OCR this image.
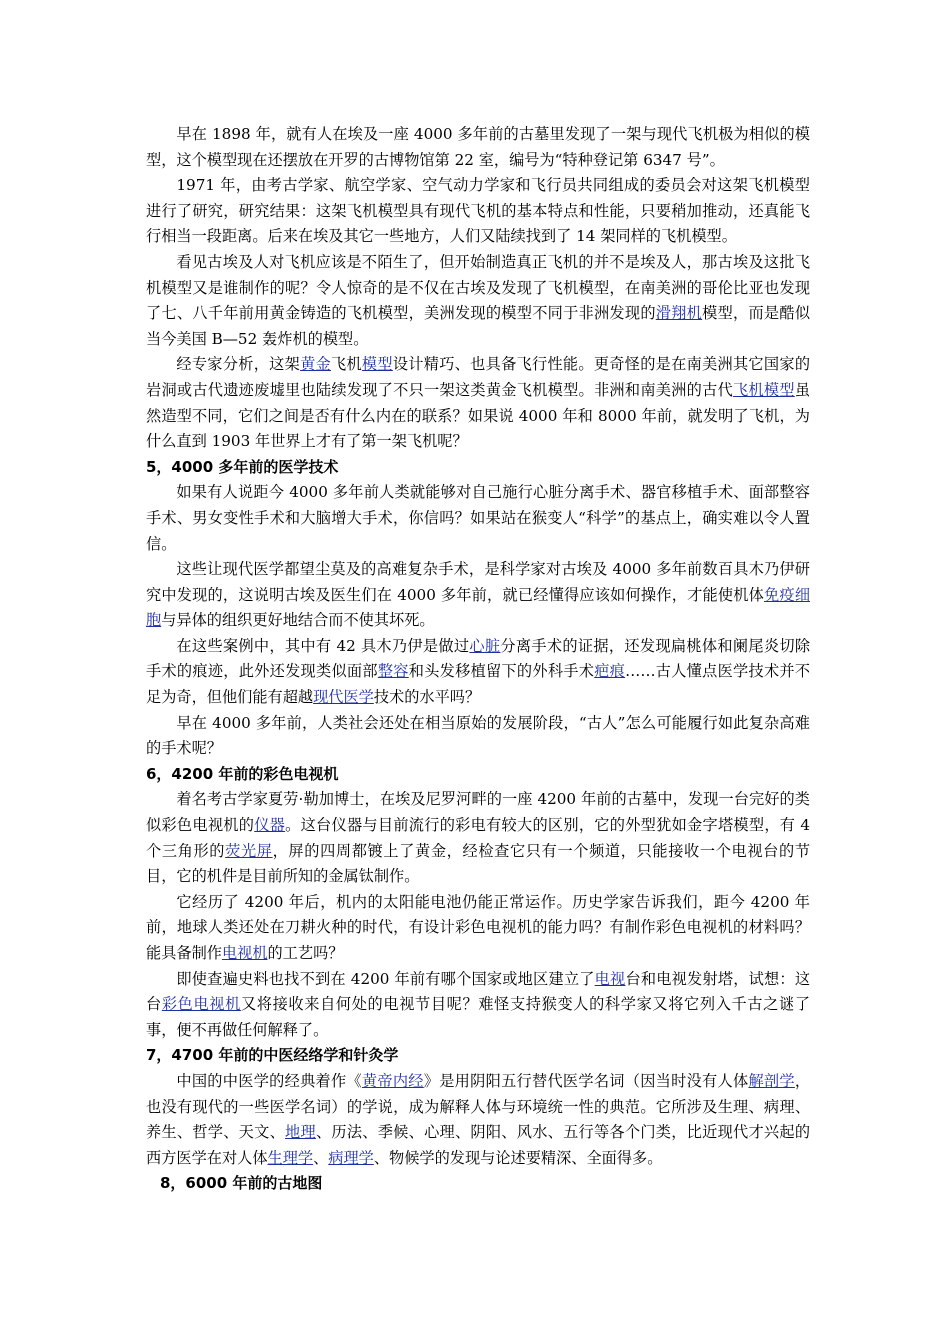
早在 1898 年，就有人在埃及一座 4000 多年前的古墓里发现了一架与现代飞机极为相似的模型，这个模型现在还摆放在开罗的古博物馆第 22 室，编号为“特种登记第 6347 号”。

1971 年，由考古学家、航空学家、空气动力学家和飞行员共同组成的委员会对这架飞机模型进行了研究，研究结果：这架飞机模型具有现代飞机的基本特点和性能，只要稍加推动，还真能飞行相当一段距离。后来在埃及其它一些地方，人们又陆续找到了 14 架同样的飞机模型。

看见古埃及人对飞机应该是不陌生了，但开始制造真正飞机的并不是埃及人，那古埃及这批飞机模型又是谁制作的呢？令人惊奇的是不仅在古埃及发现了飞机模型，在南美洲的哥伦比亚也发现了七、八千年前用黄金铸造的飞机模型，美洲发现的模型不同于非洲发现的滑翔机模型，而是酷似当今美国 B—52 轰炸机的模型。

经专家分析，这架黄金飞机模型设计精巧、也具备飞行性能。更奇怪的是在南美洲其它国家的岩洞或古代遗迹废墟里也陆续发现了不只一架这类黄金飞机模型。非洲和南美洲的古代飞机模型虽然造型不同，它们之间是否有什么内在的联系？如果说 4000 年和 8000 年前，就发明了飞机，为什么直到 1903 年世界上才有了第一架飞机呢？

5，4000 多年前的医学技术

如果有人说距今 4000 多年前人类就能够对自己施行心脏分离手术、器官移植手术、面部整容手术、男女变性手术和大脑增大手术，你信吗？如果站在猴变人“科学”的基点上，确实难以令人置信。

这些让现代医学都望尘莫及的高难复杂手术，是科学家对古埃及 4000 多年前数百具木乃伊研究中发现的，这说明古埃及医生们在 4000 多年前，就已经懂得应该如何操作，才能使机体免疫细胞与异体的组织更好地结合而不使其坏死。

在这些案例中，其中有 42 具木乃伊是做过心脏分离手术的证据，还发现扁桃体和阑尾炎切除手术的痕迹，此外还发现类似面部整容和头发移植留下的外科手术疤痕……古人懂点医学技术并不足为奇，但他们能有超越现代医学技术的水平吗？

早在 4000 多年前，人类社会还处在相当原始的发展阶段，“古人”怎么可能履行如此复杂高难的手术呢？

6，4200 年前的彩色电视机

着名考古学家夏劳·勒加博士，在埃及尼罗河畔的一座 4200 年前的古墓中，发现一台完好的类似彩色电视机的仪器。这台仪器与目前流行的彩电有较大的区别，它的外型犹如金字塔模型，有 4 个三角形的荧光屏，屏的四周都镀上了黄金，经检查它只有一个频道，只能接收一个电视台的节目，它的机件是目前所知的金属钛制作。

它经历了 4200 年后，机内的太阳能电池仍能正常运作。历史学家告诉我们，距今 4200 年前，地球人类还处在刀耕火种的时代，有设计彩色电视机的能力吗？有制作彩色电视机的材料吗？能具备制作电视机的工艺吗？

即使查遍史料也找不到在 4200 年前有哪个国家或地区建立了电视台和电视发射塔，试想：这台彩色电视机又将接收来自何处的电视节目呢？难怪支持猴变人的科学家又将它列入千古之谜了事，便不再做任何解释了。

7，4700 年前的中医经络学和针灸学

中国的中医学的经典着作《黄帝内经》是用阴阳五行替代医学名词（因当时没有人体解剖学，也没有现代的一些医学名词）的学说，成为解释人体与环境统一性的典范。它所涉及生理、病理、养生、哲学、天文、地理、历法、季候、心理、阴阳、风水、五行等各个门类，比近现代才兴起的西方医学在对人体生理学、病理学、物候学的发现与论述要精深、全面得多。

8，6000 年前的古地图
